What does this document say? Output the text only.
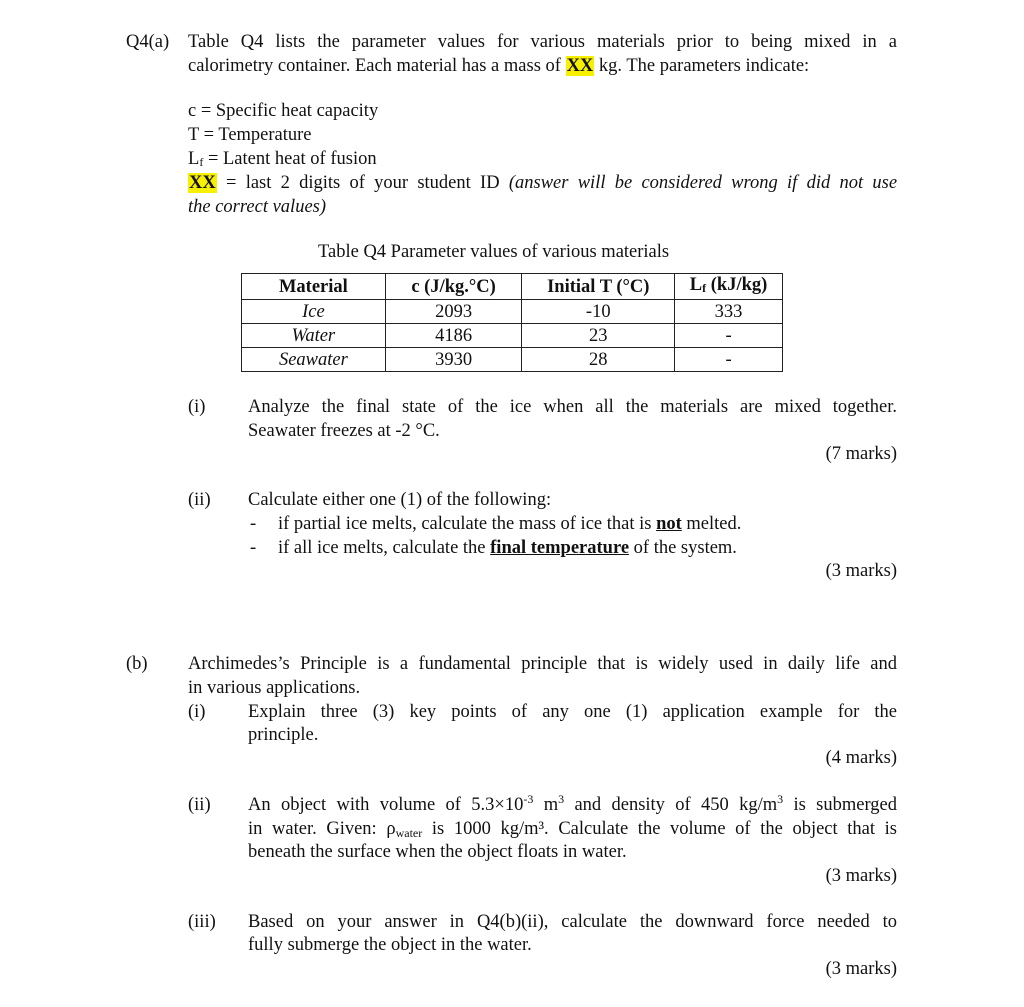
Q4(a) Table Q4 lists the parameter values for various materials prior to being mixed in a
calorimetry container. Each material has a mass of XX kg. The parameters indicate:
c = Specific heat capacity
T = Temperature
Lf = Latent heat of fusion
XX = last 2 digits of your student ID (answer will be considered wrong if did not use
the correct values)
Table Q4 Parameter values of various materials
Material	c (J/kg.°C)	Initial T (°C)	Lf (kJ/kg)
Ice	2093	-10	333
Water	4186	23	-
Seawater	3930	28	-
(i) Analyze the final state of the ice when all the materials are mixed together.
Seawater freezes at -2 °C.
(7 marks)
(ii) Calculate either one (1) of the following:
- if partial ice melts, calculate the mass of ice that is not melted.
- if all ice melts, calculate the final temperature of the system.
(3 marks)
(b) Archimedes’s Principle is a fundamental principle that is widely used in daily life and
in various applications.
(i) Explain three (3) key points of any one (1) application example for the
principle.
(4 marks)
(ii) An object with volume of $5.3\times 10^{-3}$ $m^3$ and density of 450 $kg/m^3$ is submerged
in water. Given: ρwater is 1000 kg/m³. Calculate the volume of the object that is
beneath the surface when the object floats in water.
(3 marks)
(iii) Based on your answer in Q4(b)(ii), calculate the downward force needed to
fully submerge the object in the water.
(3 marks)
